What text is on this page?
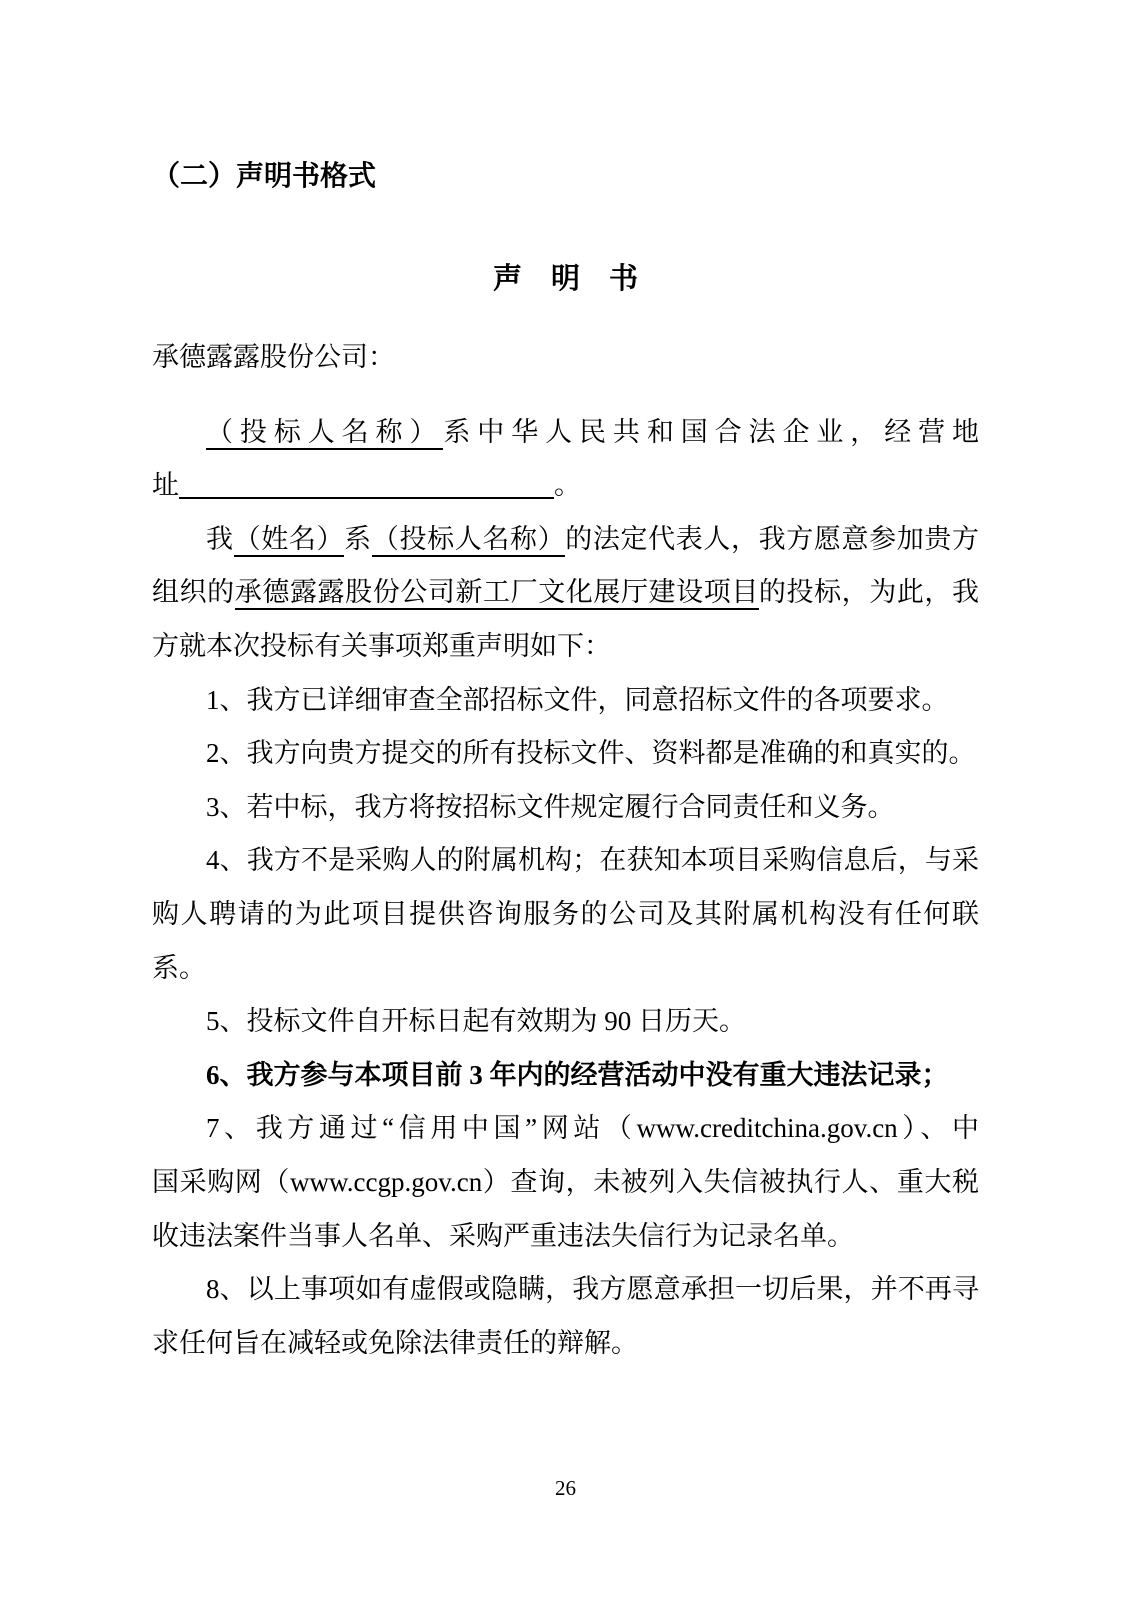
（二）声明书格式
声　明　书
承德露露股份公司：
（投标人名称）系中华人民共和国合法企业，经营地
址	。
我（姓名）系（投标人名称）的法定代表人，我方愿意参加贵方
组织的承德露露股份公司新工厂文化展厅建设项目的投标，为此，我
方就本次投标有关事项郑重声明如下：
1、我方已详细审查全部招标文件，同意招标文件的各项要求。
2、我方向贵方提交的所有投标文件、资料都是准确的和真实的。
3、若中标，我方将按招标文件规定履行合同责任和义务。
4、我方不是采购人的附属机构；在获知本项目采购信息后，与采
购人聘请的为此项目提供咨询服务的公司及其附属机构没有任何联
系。
5、投标文件自开标日起有效期为 90 日历天。
6、我方参与本项目前 3 年内的经营活动中没有重大违法记录；
7、我方通过“信用中国”网站（www.creditchina.gov.cn）、中
国采购网（www.ccgp.gov.cn）查询，未被列入失信被执行人、重大税
收违法案件当事人名单、采购严重违法失信行为记录名单。
8、以上事项如有虚假或隐瞒，我方愿意承担一切后果，并不再寻
求任何旨在减轻或免除法律责任的辩解。
26
